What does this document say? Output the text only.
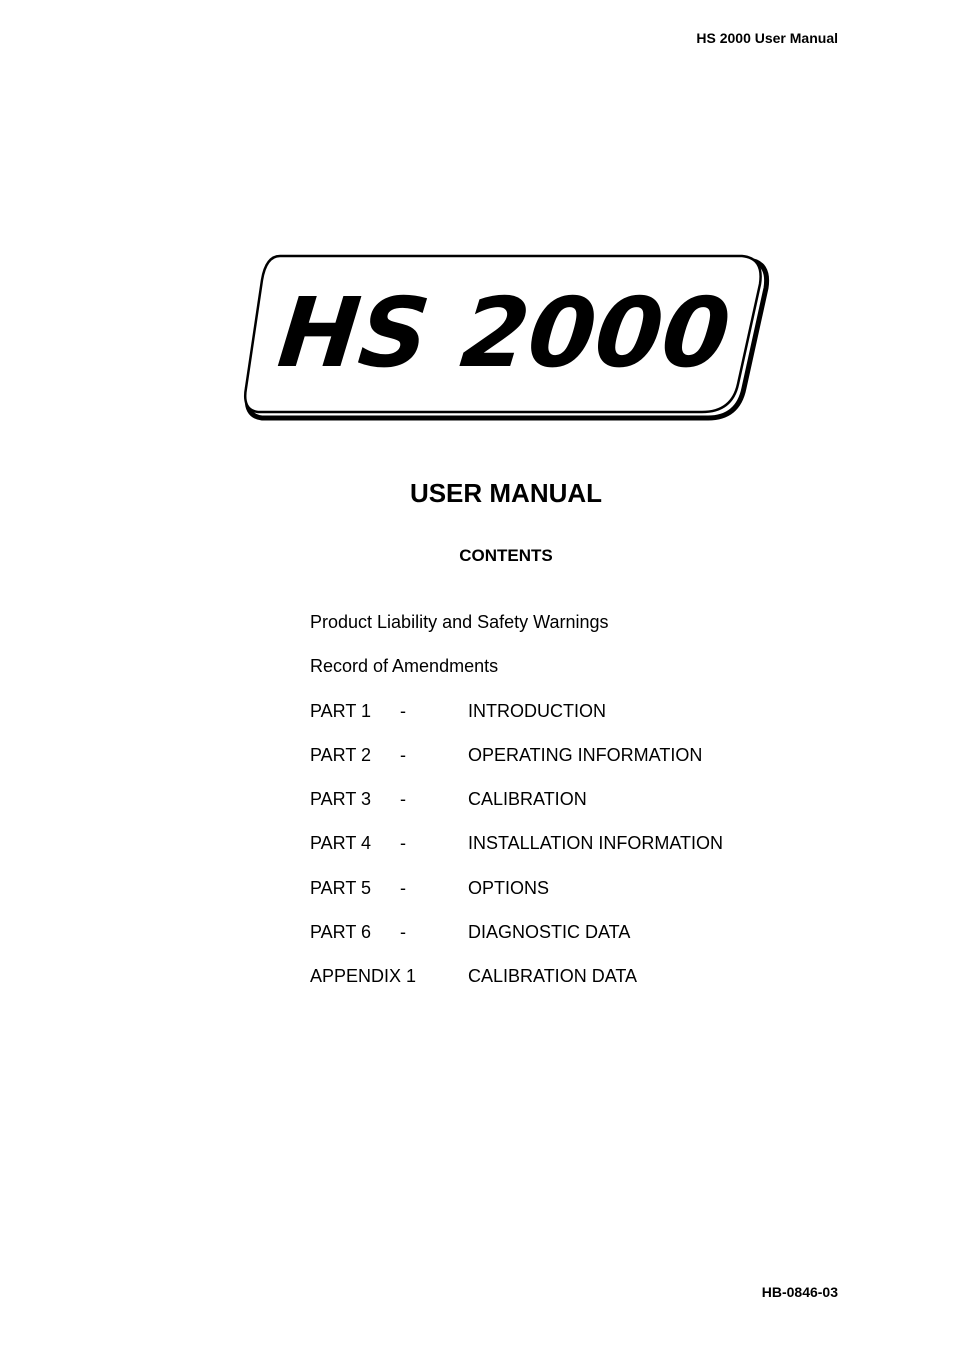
HS 2000 User Manual
HS 2000
USER MANUAL
CONTENTS
Product Liability and Safety Warnings
Record of Amendments
PART 1 -	INTRODUCTION
PART 2 -	OPERATING INFORMATION
PART 3 -	CALIBRATION
PART 4 -	INSTALLATION INFORMATION
PART 5 -	OPTIONS
PART 6 -	DIAGNOSTIC DATA
APPENDIX 1	CALIBRATION DATA
HB-0846-03
